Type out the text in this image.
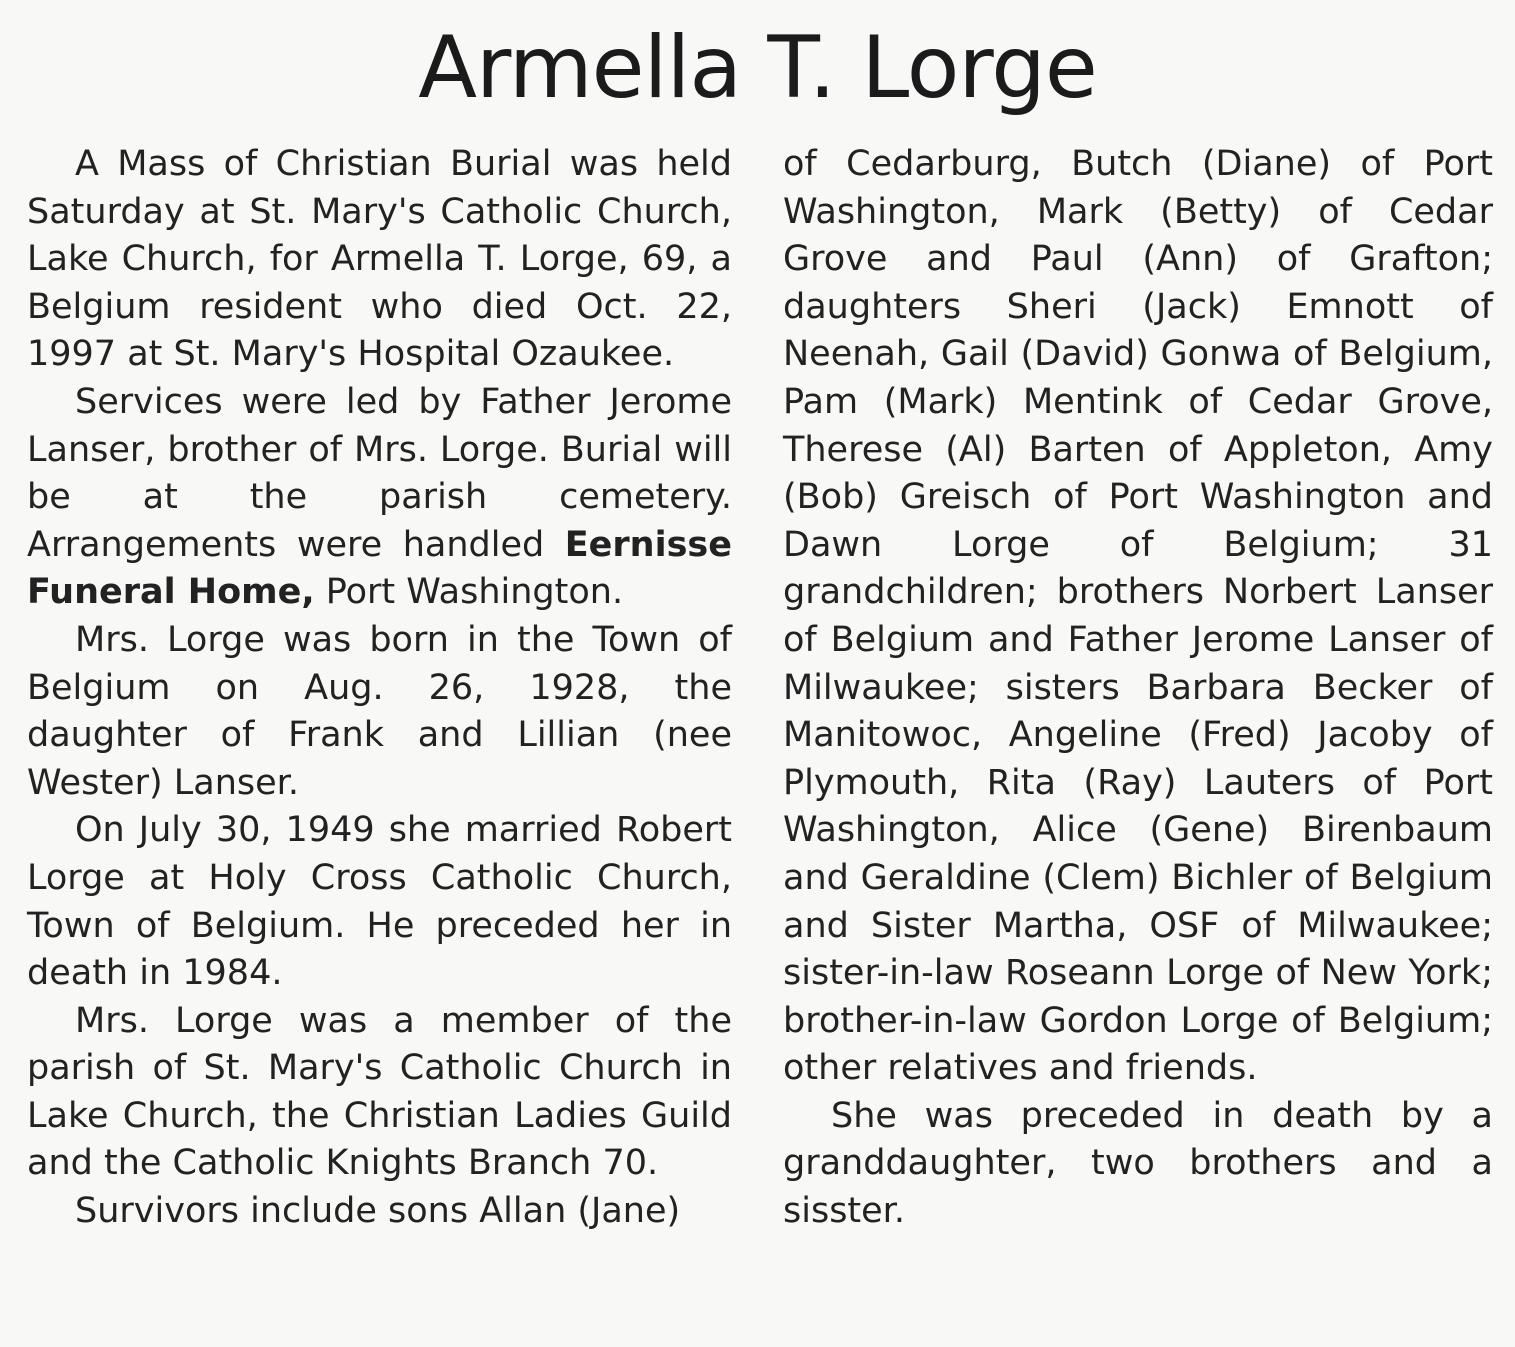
Armella T. Lorge

A Mass of Christian Burial was held Saturday at St. Mary's Catholic Church, Lake Church, for Armella T. Lorge, 69, a Belgium resident who died Oct. 22, 1997 at St. Mary's Hospital Ozaukee.

Services were led by Father Jerome Lanser, brother of Mrs. Lorge. Burial will be at the parish cemetery. Arrangements were handled Eernisse Funeral Home, Port Washington.

Mrs. Lorge was born in the Town of Belgium on Aug. 26, 1928, the daughter of Frank and Lillian (nee Wester) Lanser.

On July 30, 1949 she married Robert Lorge at Holy Cross Catholic Church, Town of Belgium. He preceded her in death in 1984.

Mrs. Lorge was a member of the parish of St. Mary's Catholic Church in Lake Church, the Christian Ladies Guild and the Catholic Knights Branch 70.

Survivors include sons Allan (Jane)

of Cedarburg, Butch (Diane) of Port Washington, Mark (Betty) of Cedar Grove and Paul (Ann) of Grafton; daughters Sheri (Jack) Emnott of Neenah, Gail (David) Gonwa of Belgium, Pam (Mark) Mentink of Cedar Grove, Therese (Al) Barten of Appleton, Amy (Bob) Greisch of Port Washington and Dawn Lorge of Belgium; 31 grandchildren; brothers Norbert Lanser of Belgium and Father Jerome Lanser of Milwaukee; sisters Barbara Becker of Manitowoc, Angeline (Fred) Jacoby of Plymouth, Rita (Ray) Lauters of Port Washington, Alice (Gene) Birenbaum and Geraldine (Clem) Bichler of Belgium and Sister Martha, OSF of Milwaukee; sister-in-law Roseann Lorge of New York; brother-in-law Gordon Lorge of Belgium; other relatives and friends.

She was preceded in death by a granddaughter, two brothers and a sisster.
